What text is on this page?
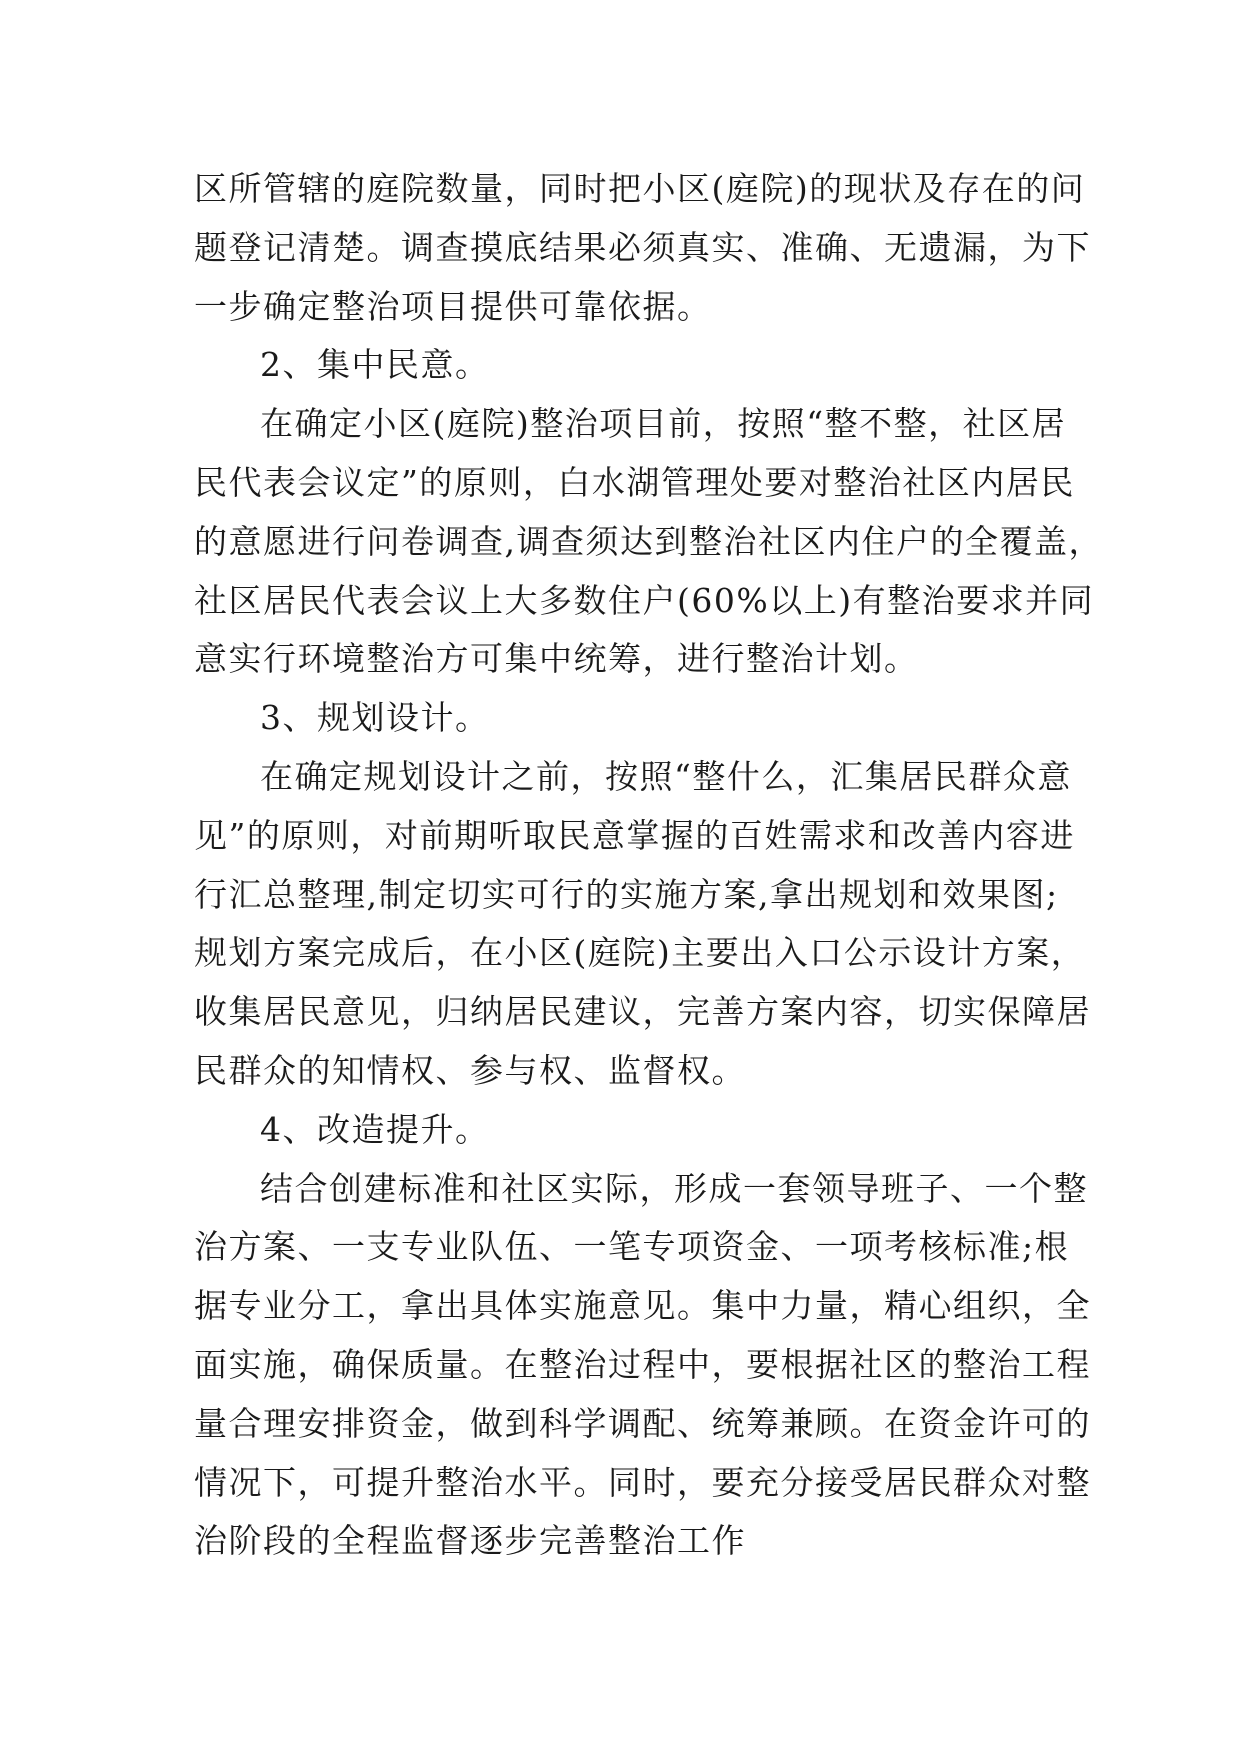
区所管辖的庭院数量，同时把小区(庭院)的现状及存在的问
题登记清楚。调查摸底结果必须真实、准确、无遗漏，为下
一步确定整治项目提供可靠依据。
2、集中民意。
在确定小区(庭院)整治项目前，按照“整不整，社区居
民代表会议定”的原则，白水湖管理处要对整治社区内居民
的意愿进行问卷调查,调查须达到整治社区内住户的全覆盖，
社区居民代表会议上大多数住户(60%以上)有整治要求并同
意实行环境整治方可集中统筹，进行整治计划。
3、规划设计。
在确定规划设计之前，按照“整什么，汇集居民群众意
见”的原则，对前期听取民意掌握的百姓需求和改善内容进
行汇总整理,制定切实可行的实施方案,拿出规划和效果图;
规划方案完成后，在小区(庭院)主要出入口公示设计方案，
收集居民意见，归纳居民建议，完善方案内容，切实保障居
民群众的知情权、参与权、监督权。
4、改造提升。
结合创建标准和社区实际，形成一套领导班子、一个整
治方案、一支专业队伍、一笔专项资金、一项考核标准;根
据专业分工，拿出具体实施意见。集中力量，精心组织，全
面实施，确保质量。在整治过程中，要根据社区的整治工程
量合理安排资金，做到科学调配、统筹兼顾。在资金许可的
情况下，可提升整治水平。同时，要充分接受居民群众对整
治阶段的全程监督逐步完善整治工作
